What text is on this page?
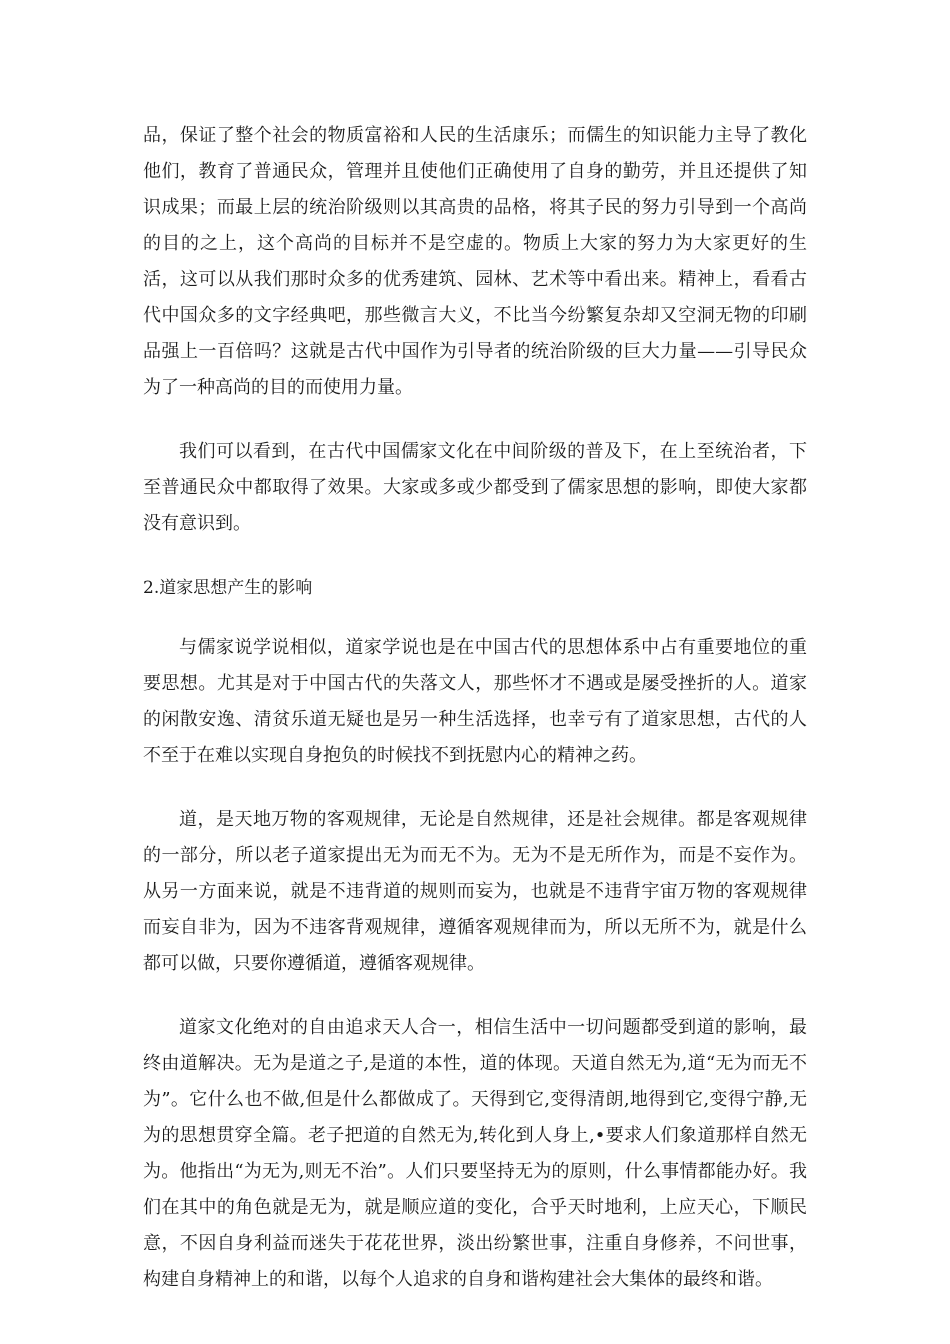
品，保证了整个社会的物质富裕和人民的生活康乐；而儒生的知识能力主导了教化他们，教育了普通民众，管理并且使他们正确使用了自身的勤劳，并且还提供了知识成果；而最上层的统治阶级则以其高贵的品格，将其子民的努力引导到一个高尚的目的之上，这个高尚的目标并不是空虚的。物质上大家的努力为大家更好的生活，这可以从我们那时众多的优秀建筑、园林、艺术等中看出来。精神上，看看古代中国众多的文字经典吧，那些微言大义，不比当今纷繁复杂却又空洞无物的印刷品强上一百倍吗？这就是古代中国作为引导者的统治阶级的巨大力量——引导民众为了一种高尚的目的而使用力量。

我们可以看到，在古代中国儒家文化在中间阶级的普及下，在上至统治者，下至普通民众中都取得了效果。大家或多或少都受到了儒家思想的影响，即使大家都没有意识到。

2.道家思想产生的影响

与儒家说学说相似，道家学说也是在中国古代的思想体系中占有重要地位的重要思想。尤其是对于中国古代的失落文人，那些怀才不遇或是屡受挫折的人。道家的闲散安逸、清贫乐道无疑也是另一种生活选择，也幸亏有了道家思想，古代的人不至于在难以实现自身抱负的时候找不到抚慰内心的精神之药。

道，是天地万物的客观规律，无论是自然规律，还是社会规律。都是客观规律的一部分，所以老子道家提出无为而无不为。无为不是无所作为，而是不妄作为。从另一方面来说，就是不违背道的规则而妄为，也就是不违背宇宙万物的客观规律而妄自非为，因为不违客背观规律，遵循客观规律而为，所以无所不为，就是什么都可以做，只要你遵循道，遵循客观规律。

道家文化绝对的自由追求天人合一，相信生活中一切问题都受到道的影响，最终由道解决。无为是道之子,是道的本性，道的体现。天道自然无为,道“无为而无不为”。它什么也不做,但是什么都做成了。天得到它,变得清朗,地得到它,变得宁静,无为的思想贯穿全篇。老子把道的自然无为,转化到人身上,•要求人们象道那样自然无为。他指出“为无为,则无不治”。人们只要坚持无为的原则，什么事情都能办好。我们在其中的角色就是无为，就是顺应道的变化，合乎天时地利，上应天心，下顺民意，不因自身利益而迷失于花花世界，淡出纷繁世事，注重自身修养，不问世事，构建自身精神上的和谐，以每个人追求的自身和谐构建社会大集体的最终和谐。
